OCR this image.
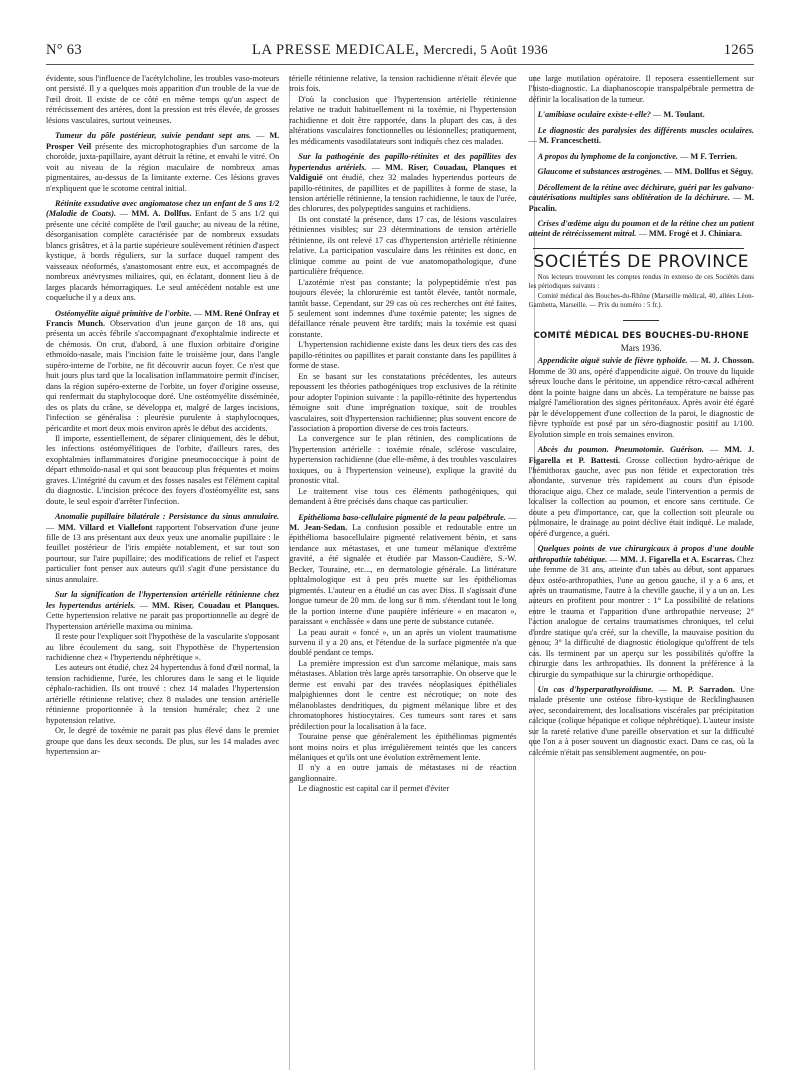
N° 63	LA PRESSE MEDICALE, Mercredi, 5 Août 1936	1265

évidente, sous l'influence de l'acétylcholine, les troubles vaso-moteurs ont persisté. Il y a quelques mois apparition d'un trouble de la vue de l'œil droit. Il existe de ce côté en même temps qu'un aspect de rétrécissement des artères, dont la pression est très élevée, de grosses lésions vasculaires, surtout veineuses.

Tumeur du pôle postérieur, suivie pendant sept ans. — M. Prosper Veil présente des microphotographies d'un sarcome de la choroïde, juxta-papillaire, ayant détruit la rétine, et envahi le vitré. On voit au niveau de la région maculaire de nombreux amas pigmentaires, au-dessus de la limitante externe. Ces lésions graves n'expliquent que le scotome central initial.

Rétinite exsudative avec angiomatose chez un enfant de 5 ans 1/2 (Maladie de Coats). — MM. A. Dollfus. Enfant de 5 ans 1/2 qui présente une cécité complète de l'œil gauche; au niveau de la rétine, désorganisation complète caractérisée par de nombreux exsudats blancs grisâtres, et à la partie supérieure soulèvement rétinien d'aspect kystique, à bords réguliers, sur la surface duquel rampent des vaisseaux néoformés, s'anastomosant entre eux, et accompagnés de nombreux anévrysmes miliaires, qui, en éclatant, donnent lieu à de larges placards hémorragiques. Le seul antécédent notable est une coqueluche il y a deux ans.

Ostéomyélite aiguë primitive de l'orbite. — MM. René Onfray et Francis Munch. Observation d'un jeune garçon de 18 ans, qui présenta un accès fébrile s'accompagnant d'exophtalmie indirecte et de chémosis. On crut, d'abord, à une fluxion orbitaire d'origine ethmoïdo-nasale, mais l'incision faite le troisième jour, dans l'angle supéro-interne de l'orbite, ne fit découvrir aucun foyer. Ce n'est que huit jours plus tard que la localisation inflammatoire permit d'inciser, dans la région supéro-externe de l'orbite, un foyer d'origine osseuse, qui renfermait du staphylocoque doré. Une ostéomyélite disséminée, des os plats du crâne, se développa et, malgré de larges incisions, l'infection se généralisa : pleurésie purulente à staphylocoques, péricardite et mort deux mois environ après le début des accidents.

Il importe, essentiellement, de séparer cliniquement, dès le début, les infections ostéomyélitiques de l'orbite, d'ailleurs rares, des exophtalmies inflammatoires d'origine pneumococcique à point de départ ethmoïdo-nasal et qui sont beaucoup plus fréquentes et moins graves. L'intégrité du cavum et des fosses nasales est l'élément capital du diagnostic. L'incision précoce des foyers d'ostéomyélite est, sans doute, le seul espoir d'arrêter l'infection.

Anomalie pupillaire bilatérale : Persistance du sinus annulaire. — MM. Villard et Viallefont rapportent l'observation d'une jeune fille de 13 ans présentant aux deux yeux une anomalie pupillaire : le feuillet postérieur de l'iris empiète notablement, et sur tout son pourtour, sur l'aire pupillaire; des modifications de relief et l'aspect particulier font penser aux auteurs qu'il s'agit d'une persistance du sinus annulaire.

Sur la signification de l'hypertension artérielle rétinienne chez les hypertendus artériels. — MM. Riser, Couadau et Planques. Cette hypertension relative ne parait pas proportionnelle au degré de l'hypertension artérielle maxima ou minima.

Il reste pour l'expliquer soit l'hypothèse de la vascularite s'opposant au libre écoulement du sang, soit l'hypothèse de l'hypertension rachidienne chez « l'hypertendu néphrétique ».

Les auteurs ont étudié, chez 24 hypertendus à fond d'œil normal, la tension rachidienne, l'urée, les chlorures dans le sang et le liquide céphalo-rachidien. Ils ont trouvé : chez 14 malades l'hypertension artérielle rétinienne relative; chez 8 malades une tension artérielle rétinienne proportionnée à la tension humérale; chez 2 une hypotension relative.

Or, le degré de toxémie ne parait pas plus élevé dans le premier groupe que dans les deux seconds. De plus, sur les 14 malades avec hypertension ar-

térielle rétinienne relative, la tension rachidienne n'était élevée que trois fois.

D'où la conclusion que l'hypertension artérielle rétinienne relative ne traduit habituellement ni la toxémie, ni l'hypertension rachidienne et doit être rapportée, dans la plupart des cas, à des altérations vasculaires fonctionnelles ou lésionnelles; pratiquement, les médicaments vasodilatateurs sont indiqués chez ces malades.

Sur la pathogénie des papillo-rétinites et des papillites des hypertendus artériels. — MM. Riser, Couadau, Planques et Valdiguié ont étudié, chez 32 malades hypertendus porteurs de papillo-rétinites, de papillites et de papillites à forme de stase, la tension artérielle rétinienne, la tension rachidienne, le taux de l'urée, des chlorures, des polypeptides sanguins et rachidiens.

Ils ont constaté la présence, dans 17 cas, de lésions vasculaires rétiniennes visibles; sur 23 déterminations de tension artérielle rétinienne, ils ont relevé 17 cas d'hypertension artérielle rétinienne relative. La participation vasculaire dans les rétinites est donc, en clinique comme au point de vue anatomopathologique, d'une particulière fréquence.

L'azotémie n'est pas constante; la polypeptidémie n'est pas toujours élevée; la chlorurémie est tantôt élevée, tantôt normale, tantôt basse. Cependant, sur 29 cas où ces recherches ont été faites, 5 seulement sont indemnes d'une toxémie patente; les signes de défaillance rénale peuvent être tardifs; mais la toxémie est quasi constante.

L'hypertension rachidienne existe dans les deux tiers des cas des papillo-rétinites ou papillites et parait constante dans les papillites à forme de stase.

En se basant sur les constatations précédentes, les auteurs repoussent les théories pathogéniques trop exclusives de la rétinite pour adopter l'opinion suivante : la papillo-rétinite des hypertendus témoigne soit d'une imprégnation toxique, soit de troubles vasculaires, soit d'hypertension rachidienne; plus souvent encore de l'association à proportion diverse de ces trois facteurs.

La convergence sur le plan rétinien, des complications de l'hypertension artérielle : toxémie rénale, sclérose vasculaire, hypertension rachidienne (due elle-même, à des troubles vasculaires toxiques, ou à l'hypertension veineuse), explique la gravité du pronostic vital.

Le traitement vise tous ces éléments pathogéniques, qui demandent à être précisés dans chaque cas particulier.

Epithélioma baso-cellulaire pigmenté de la peau palpébrale. — M. Jean-Sedan. La confusion possible et redoutable entre un épithélioma basocellulaire pigmenté relativement bénin, et sans tendance aux métastases, et une tumeur mélanique d'extrême gravité, a été signalée et étudiée par Masson-Caudière, S.-W. Becker, Touraine, etc..., en dermatologie générale. La littérature ophtalmologique est à peu près muette sur les épithéliomas pigmentés. L'auteur en a étudié un cas avec Diss. Il s'agissait d'une longue tumeur de 20 mm. de long sur 8 mm. s'étendant tout le long de la portion interne d'une paupière inférieure « en macaron », paraissant « enchâssée » dans une perte de substance cutanée.

La peau aurait « foncé », un an après un violent traumatisme survenu il y a 20 ans, et l'étendue de la surface pigmentée n'a que doublé pendant ce temps.

La première impression est d'un sarcome mélanique, mais sans métastases. Ablation très large après tarsorraphie. On observe que le derme est envahi par des travées néoplasiques épithéliales malpighiennes dont le centre est nécrotique; on note des mélanoblastes dendritiques, du pigment mélanique libre et des chromatophores histiocytaires. Ces tumeurs sont rares et sans prédilection pour la localisation à la face.

Touraine pense que généralement les épithéliomas pigmentés sont moins noirs et plus irrégulièrement teintés que les cancers mélaniques et qu'ils ont une évolution extrêmement lente.

Il n'y a en outre jamais de métastases ni de réaction ganglionnaire.

Le diagnostic est capital car il permet d'éviter

une large mutilation opératoire. Il reposera essentiellement sur l'histo-diagnostic. La diaphanoscopie transpalpébrale permettra de définir la localisation de la tumeur.

L'amibiase oculaire existe-t-elle? — M. Toulant.

Le diagnostic des paralysies des différents muscles oculaires. — M. Franceschetti.

A propos du lymphome de la conjonctive. — M F. Terrien.

Glaucome et substances œstrogènes. — MM. Dollfus et Séguy.

Décollement de la rétine avec déchirure, guéri par les galvano-cautérisations multiples sans oblitération de la déchirure. — M. Pacalin.

Crises d'œdème aigu du poumon et de la rétine chez un patient atteint de rétrécissement mitral. — MM. Frogé et J. Chiniara.

SOCIÉTÉS DE PROVINCE

Nos lecteurs trouveront les comptes rendus in extenso de ces Sociétés dans les périodiques suivants :

Comité médical des Bouches-du-Rhône (Marseille médical, 40, allées Léon-Gambetta, Marseille. — Prix du numéro : 5 fr.).

COMITÉ MÉDICAL DES BOUCHES-DU-RHONE
Mars 1936.

Appendicite aiguë suivie de fièvre typhoïde. — M. J. Chosson. Homme de 30 ans, opéré d'appendicite aiguë. On trouve du liquide séreux louche dans le péritoine, un appendice rétro-cæcal adhérent dont la pointe baigne dans un abcès. La température ne baisse pas malgré l'amélioration des signes péritonéaux. Après avoir été égaré par le développement d'une collection de la paroi, le diagnostic de fièvre typhoïde est posé par un séro-diagnostic positif au 1/100. Evolution simple en trois semaines environ.

Abcès du poumon. Pneumotomie. Guérison. — MM. J. Figarella et P. Battesti. Grosse collection hydro-aérique de l'hémithorax gauche, avec pus non fétide et expectoration très abondante, survenue très rapidement au cours d'un épisode thoracique aigu. Chez ce malade, seule l'intervention a permis de localiser la collection au poumon, et encore sans certitude. Ce doute a peu d'importance, car, que la collection soit pleurale ou pulmonaire, le drainage au point déclive était indiqué. Le malade, opéré d'urgence, a guéri.

Quelques points de vue chirurgicaux à propos d'une double arthropathie tabétique. — MM. J. Figarella et A. Escarras. Chez une femme de 31 ans, atteinte d'un tabès au début, sont apparues deux ostéo-arthropathies, l'une au genou gauche, il y a 6 ans, et après un traumatisme, l'autre à la cheville gauche, il y a un an. Les auteurs en profitent pour montrer : 1° La possibilité de relations entre le trauma et l'apparition d'une arthropathie nerveuse; 2° l'action analogue de certains traumatismes chroniques, tel celui d'ordre statique qu'a créé, sur la cheville, la mauvaise position du genou; 3° la difficulté de diagnostic étiologique qu'offrent de tels cas. Ils terminent par un aperçu sur les possibilités qu'offre la chirurgie dans les arthropathies. Ils donnent la préférence à la chirurgie du sympathique sur la chirurgie orthopédique.

Un cas d'hyperparathyroïdisme. — M. P. Sarradon. Une malade présente une ostéose fibro-kystique de Recklinghausen avec, secondairement, des localisations viscérales par précipitation calcique (colique hépatique et colique néphrétique). L'auteur insiste sur la rareté relative d'une pareille observation et sur la difficulté que l'on a à poser souvent un diagnostic exact. Dans ce cas, où la calcémie n'était pas sensiblement augmentée, on pou-
